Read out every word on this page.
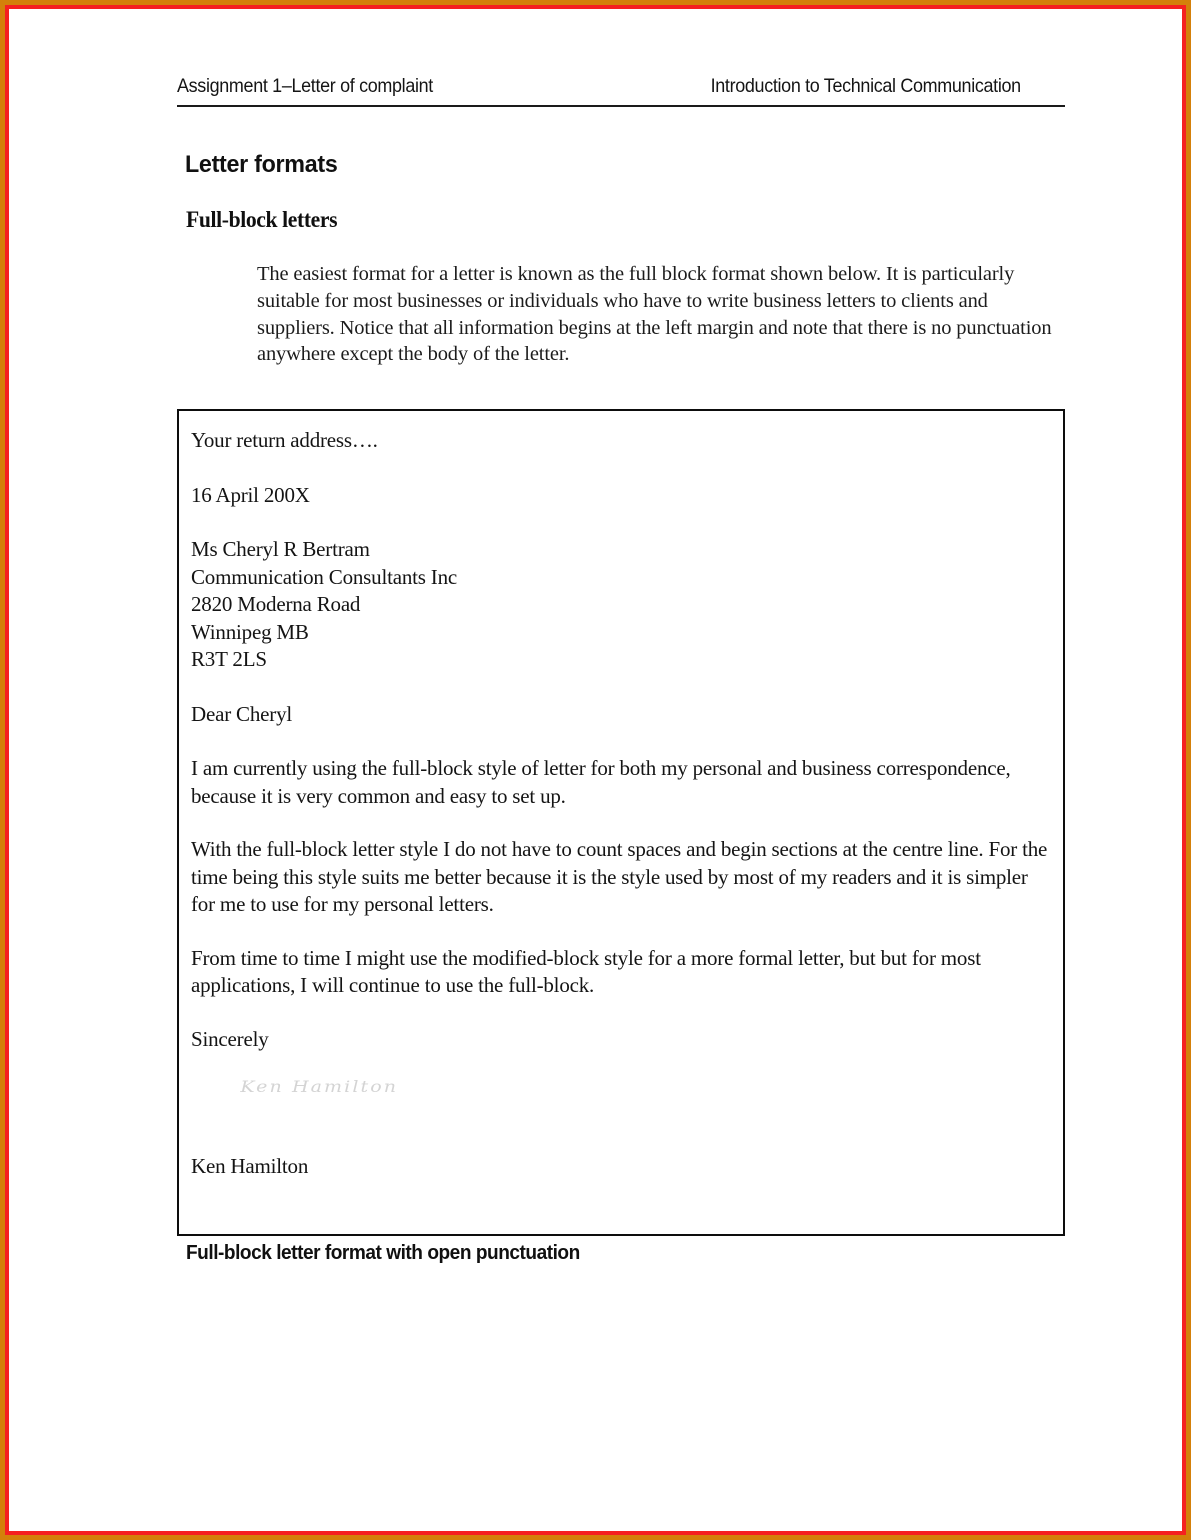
Assignment 1–Letter of complaint	Introduction to Technical Communication
Letter formats
Full-block letters
The easiest format for a letter is known as the full block format shown below. It is particularly suitable for most businesses or individuals who have to write business letters to clients and suppliers. Notice that all information begins at the left margin and note that there is no punctuation anywhere except the body of the letter.
Your return address….
16 April 200X
Ms Cheryl R Bertram
Communication Consultants Inc
2820 Moderna Road
Winnipeg MB
R3T 2LS
Dear Cheryl

I am currently using the full-block style of letter for both my personal and business correspondence, because it is very common and easy to set up.

With the full-block letter style I do not have to count spaces and begin sections at the centre line. For the time being this style suits me better because it is the style used by most of my readers and it is simpler for me to use for my personal letters.

From time to time I might use the modified-block style for a more formal letter, but but for most applications, I will continue to use the full-block.

Sincerely
Ken Hamilton
Ken Hamilton
Full-block letter format with open punctuation
